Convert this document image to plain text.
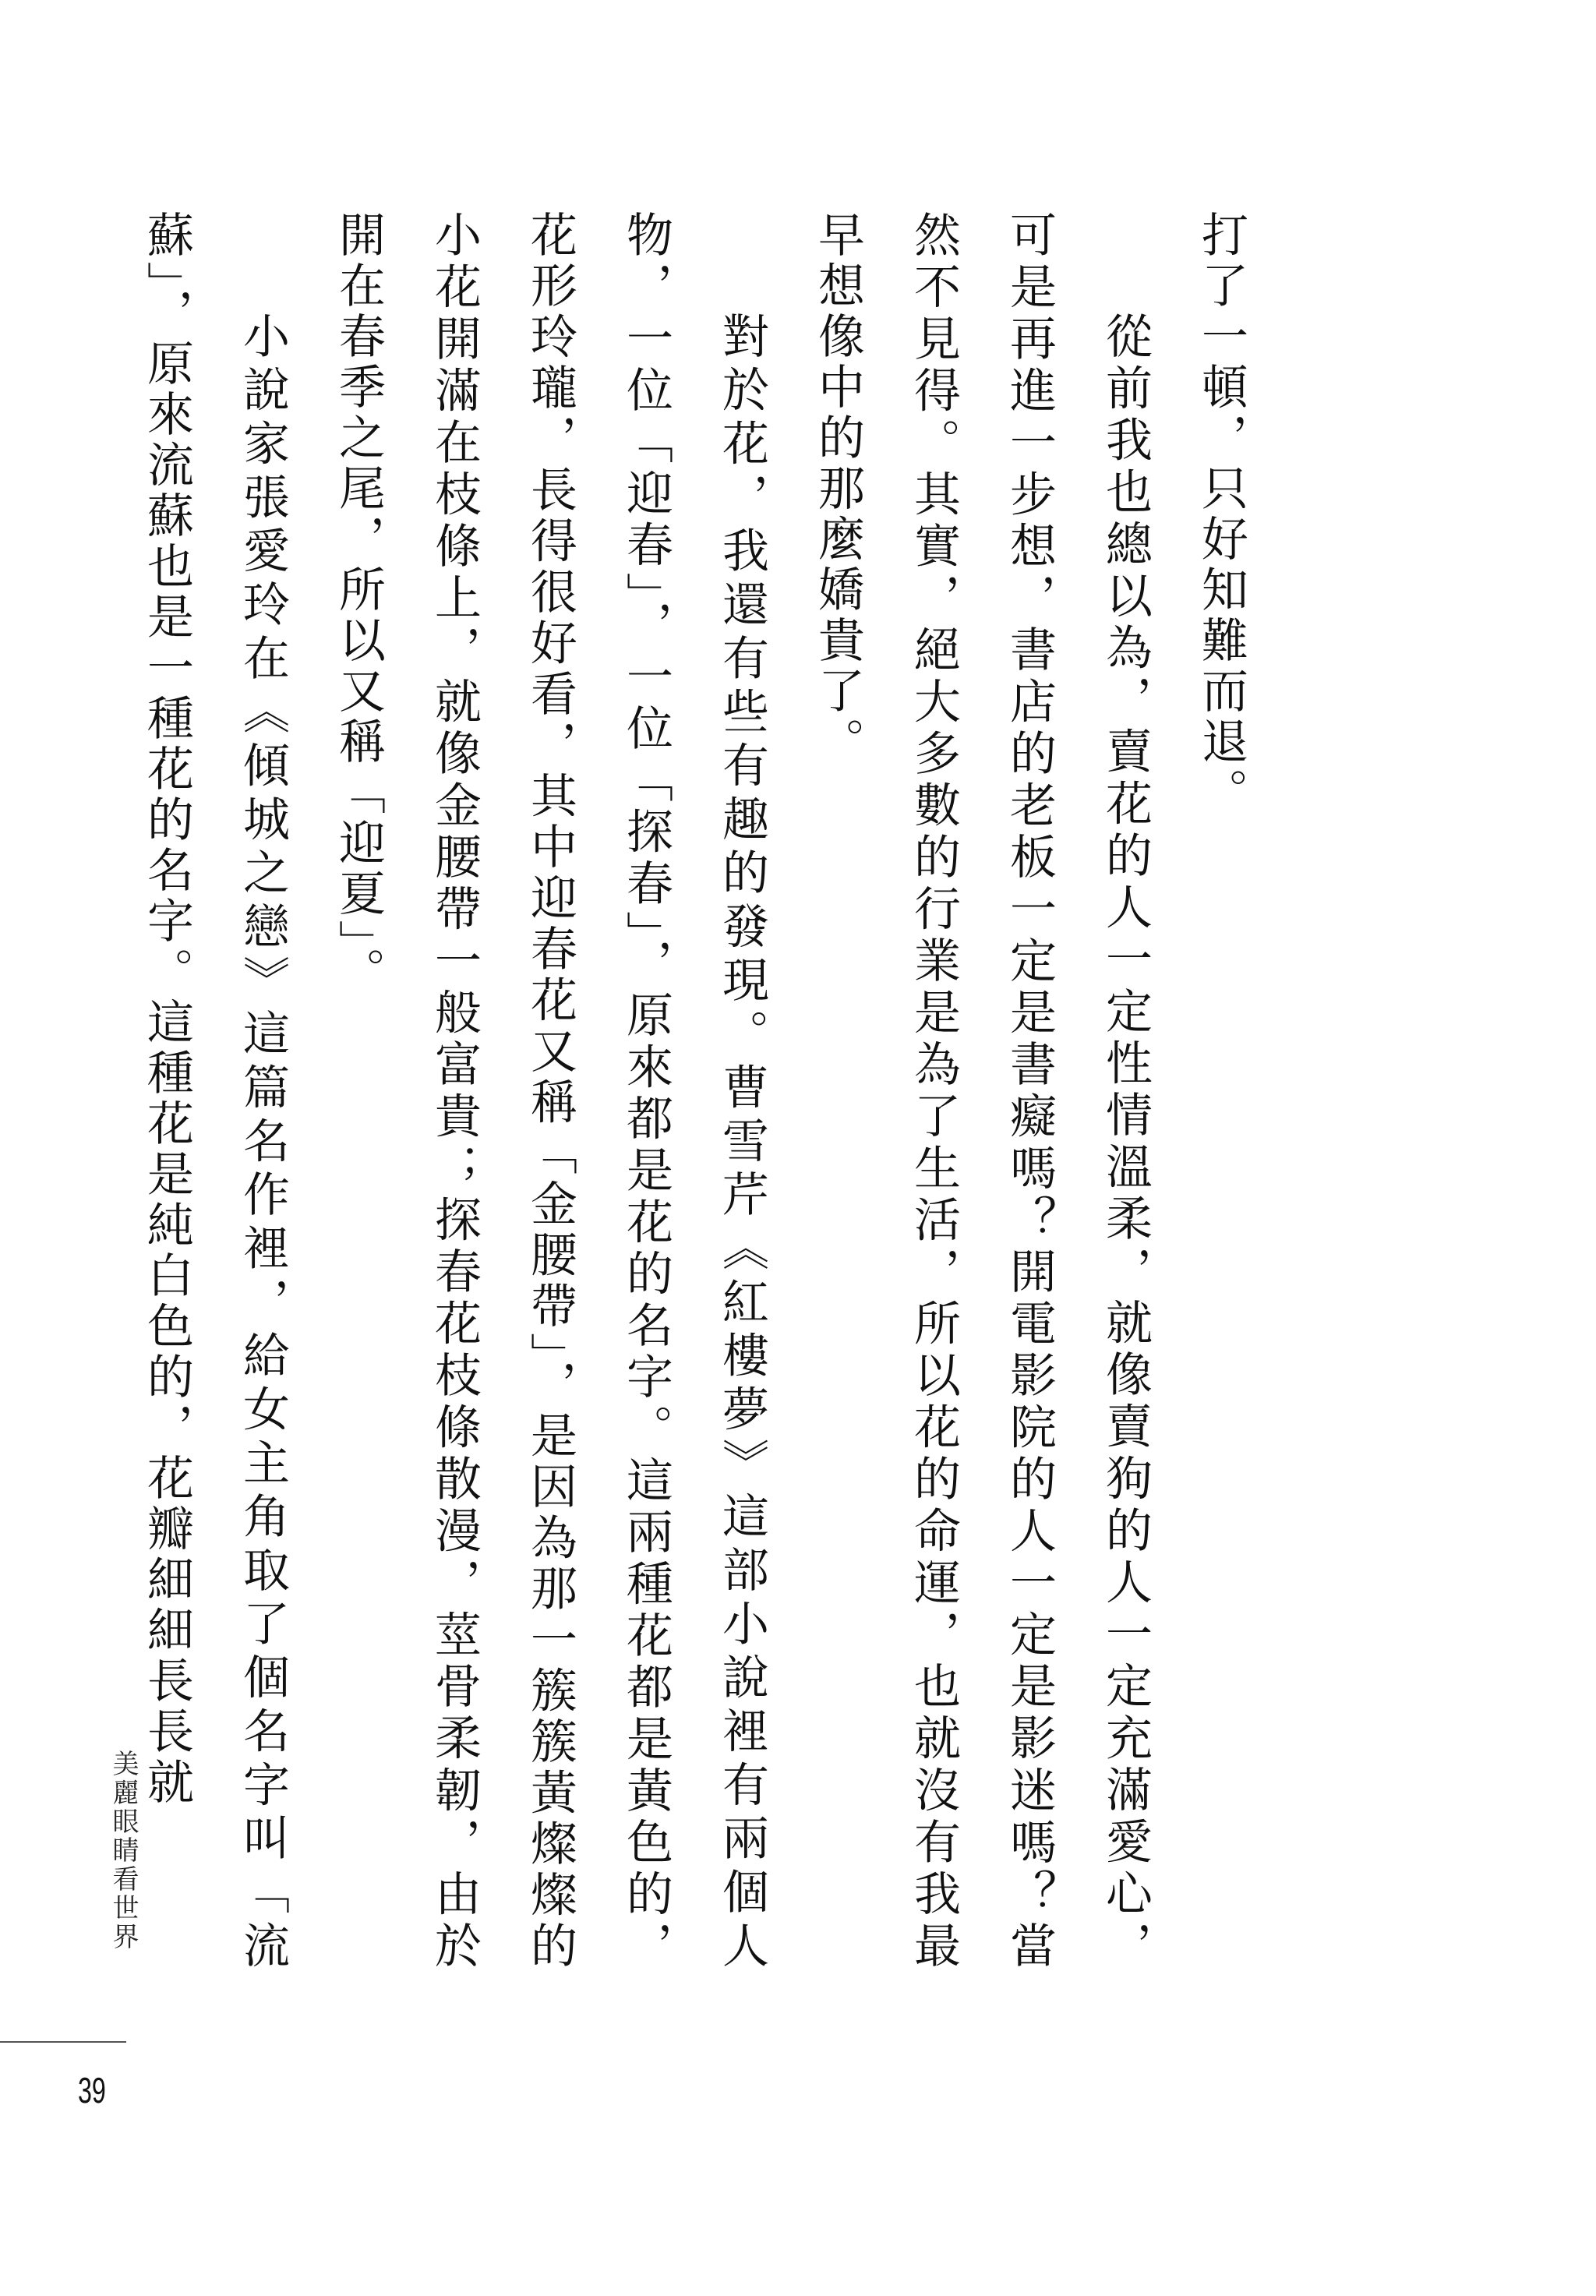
打了一頓，只好知難而退。

從前我也總以為，賣花的人一定性情溫柔，就像賣狗的人一定充滿愛心，可是再進一步想，書店的老板一定是書癡嗎？開電影院的人一定是影迷嗎？當然不見得。其實，絕大多數的行業是為了生活，所以花的命運，也就沒有我最早想像中的那麼嬌貴了。

對於花，我還有些有趣的發現。曹雪芹《紅樓夢》這部小說裡有兩個人物，一位「迎春」，一位「探春」，原來都是花的名字。這兩種花都是黃色的，花形玲瓏，長得很好看，其中迎春花又稱「金腰帶」，是因為那一簇簇黃燦燦的小花開滿在枝條上，就像金腰帶一般富貴；探春花枝條散漫，莖骨柔韌，由於開在春季之尾，所以又稱「迎夏」。

小說家張愛玲在《傾城之戀》這篇名作裡，給女主角取了個名字叫「流蘇」，原來流蘇也是一種花的名字。這種花是純白色的，花瓣細細長長就

美麗眼睛看世界
39
